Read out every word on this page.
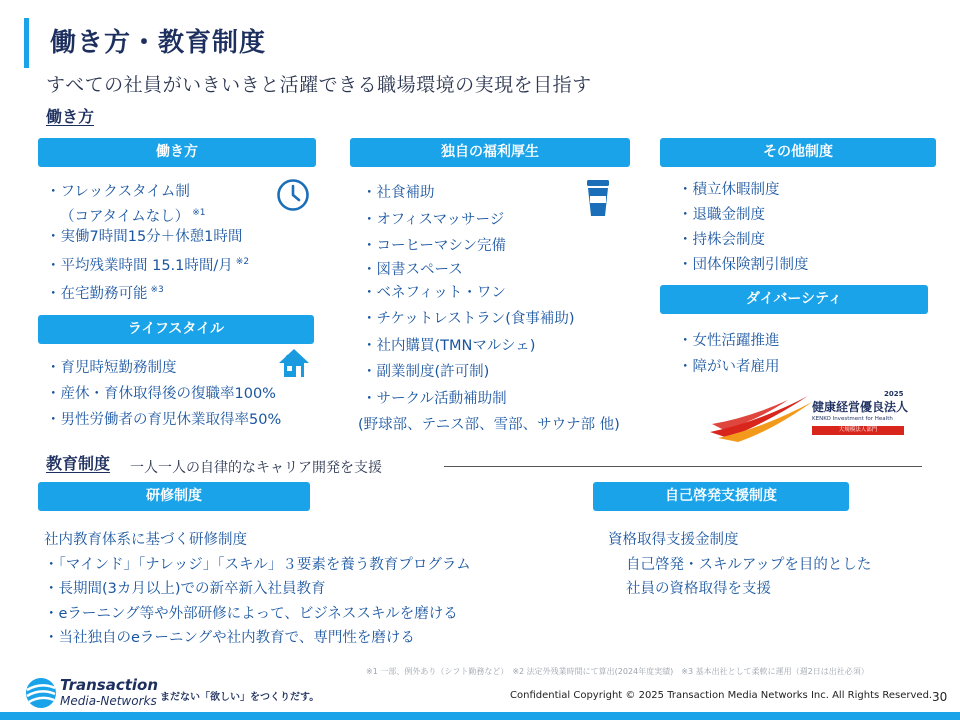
働き方・教育制度
すべての社員がいきいきと活躍できる職場環境の実現を目指す
働き方
働き方
・フレックスタイム制
（コアタイムなし） $^{※1}$
・実働7時間15分＋休憩1時間
・平均残業時間 15.1時間/月 $^{※2}$
・在宅勤務可能 $^{※3}$
ライフスタイル
・育児時短勤務制度
・産休・育休取得後の復職率100%
・男性労働者の育児休業取得率50%
独自の福利厚生
・社食補助
・オフィスマッサージ
・コーヒーマシン完備
・図書スペース
・ベネフィット・ワン
・チケットレストラン(食事補助)
・社内購買(TMNマルシェ)
・副業制度(許可制)
・サークル活動補助制
(野球部、テニス部、雪部、サウナ部 他)
その他制度
・積立休暇制度
・退職金制度
・持株会制度
・団体保険割引制度
ダイバーシティ
・女性活躍推進
・障がい者雇用
2025
健康経営優良法人
KENKO Investment for Health
大規模法人部門
教育制度 一人一人の自律的なキャリア開発を支援
研修制度
社内教育体系に基づく研修制度
・「マインド」「ナレッジ」「スキル」３要素を養う教育プログラム
・長期間(3カ月以上)での新卒新入社員教育
・eラーニング等や外部研修によって、ビジネススキルを磨ける
・当社独自のeラーニングや社内教育で、専門性を磨ける
自己啓発支援制度
資格取得支援金制度
自己啓発・スキルアップを目的とした
社員の資格取得を支援
※1 一部、例外あり（シフト勤務など）　※2 法定外残業時間にて算出(2024年度実績)　※3 基本出社として柔軟に運用（週2日は出社必須）
Transaction
Media-Networks まだない「欲しい」をつくりだす。	Confidential Copyright © 2025 Transaction Media Networks Inc. All Rights Reserved. 30
